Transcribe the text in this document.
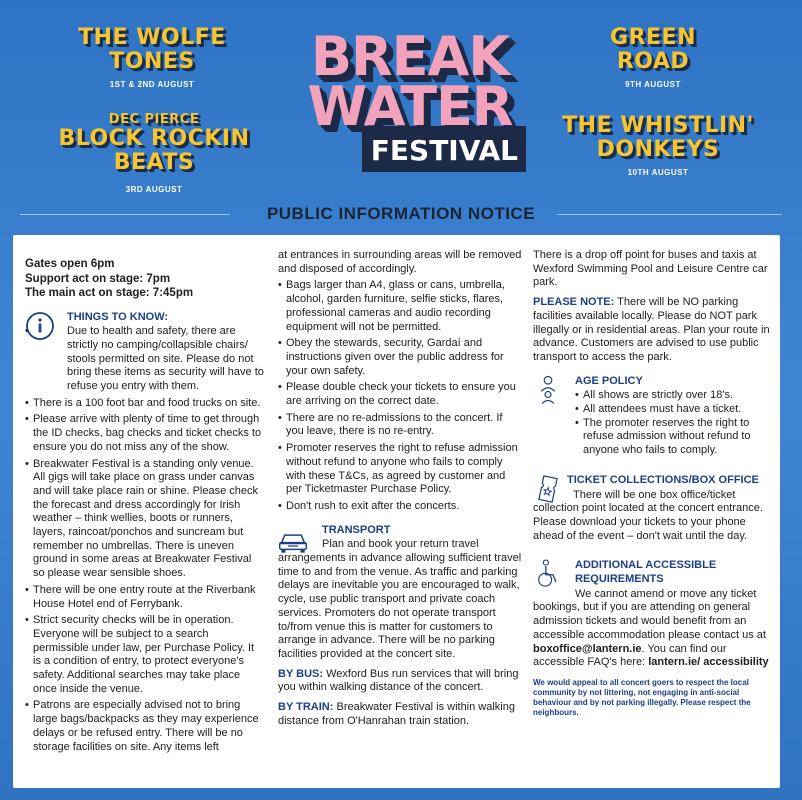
THE WOLFE TONES
1ST & 2ND AUGUST
DEC PIERCE
BLOCK ROCKIN BEATS
3RD AUGUST
GREEN ROAD
9TH AUGUST
THE WHISTLIN' DONKEYS
10TH AUGUST
BREAK
WATER
FESTIVAL
PUBLIC INFORMATION NOTICE
Gates open 6pm
Support act on stage: 7pm
The main act on stage: 7:45pm
THINGS TO KNOW:
• Due to health and safety, there are strictly no camping/collapsible chairs/ stools permitted on site. Please do not bring these items as security will have to refuse you entry with them.
• There is a 100 foot bar and food trucks on site.
• Please arrive with plenty of time to get through the ID checks, bag checks and ticket checks to ensure you do not miss any of the show.
• Breakwater Festival is a standing only venue. All gigs will take place on grass under canvas and will take place rain or shine. Please check the forecast and dress accordingly for Irish weather – think wellies, boots or runners, layers, raincoat/ponchos and suncream but remember no umbrellas. There is uneven ground in some areas at Breakwater Festival so please wear sensible shoes.
• There will be one entry route at the Riverbank House Hotel end of Ferrybank.
• Strict security checks will be in operation. Everyone will be subject to a search permissible under law, per Purchase Policy. It is a condition of entry, to protect everyone's safety. Additional searches may take place once inside the venue.
• Patrons are especially advised not to bring large bags/backpacks as they may experience delays or be refused entry. There will be no storage facilities on site. Any items left
at entrances in surrounding areas will be removed and disposed of accordingly.
• Bags larger than A4, glass or cans, umbrella, alcohol, garden furniture, selfie sticks, flares, professional cameras and audio recording equipment will not be permitted.
• Obey the stewards, security, Gardaí and instructions given over the public address for your own safety.
• Please double check your tickets to ensure you are arriving on the correct date.
• There are no re-admissions to the concert. If you leave, there is no re-entry.
• Promoter reserves the right to refuse admission without refund to anyone who fails to comply with these T&Cs, as agreed by customer and per Ticketmaster Purchase Policy.
• Don't rush to exit after the concerts.
TRANSPORT

Plan and book your return travel arrangements in advance allowing sufficient travel time to and from the venue. As traffic and parking delays are inevitable you are encouraged to walk, cycle, use public transport and private coach services. Promoters do not operate transport to/from venue this is matter for customers to arrange in advance. There will be no parking facilities provided at the concert site.

BY BUS: Wexford Bus run services that will bring you within walking distance of the concert.

BY TRAIN: Breakwater Festival is within walking distance from O'Hanrahan train station.

There is a drop off point for buses and taxis at Wexford Swimming Pool and Leisure Centre car park.

PLEASE NOTE: There will be NO parking facilities available locally. Please do NOT park illegally or in residential areas. Plan your route in advance. Customers are advised to use public transport to access the park.

AGE POLICY
• All shows are strictly over 18's.
• All attendees must have a ticket.
• The promoter reserves the right to refuse admission without refund to anyone who fails to comply.
TICKET COLLECTIONS/BOX OFFICE

There will be one box office/ticket collection point located at the concert entrance. Please download your tickets to your phone ahead of the event – don't wait until the day.

ADDITIONAL ACCESSIBLE
REQUIREMENTS

We cannot amend or move any ticket bookings, but if you are attending on general admission tickets and would benefit from an accessible accommodation please contact us at boxoffice@lantern.ie. You can find our accessible FAQ's here: lantern.ie/ accessibility

We would appeal to all concert goers to respect the local community by not littering, not engaging in anti-social behaviour and by not parking illegally. Please respect the neighbours.
